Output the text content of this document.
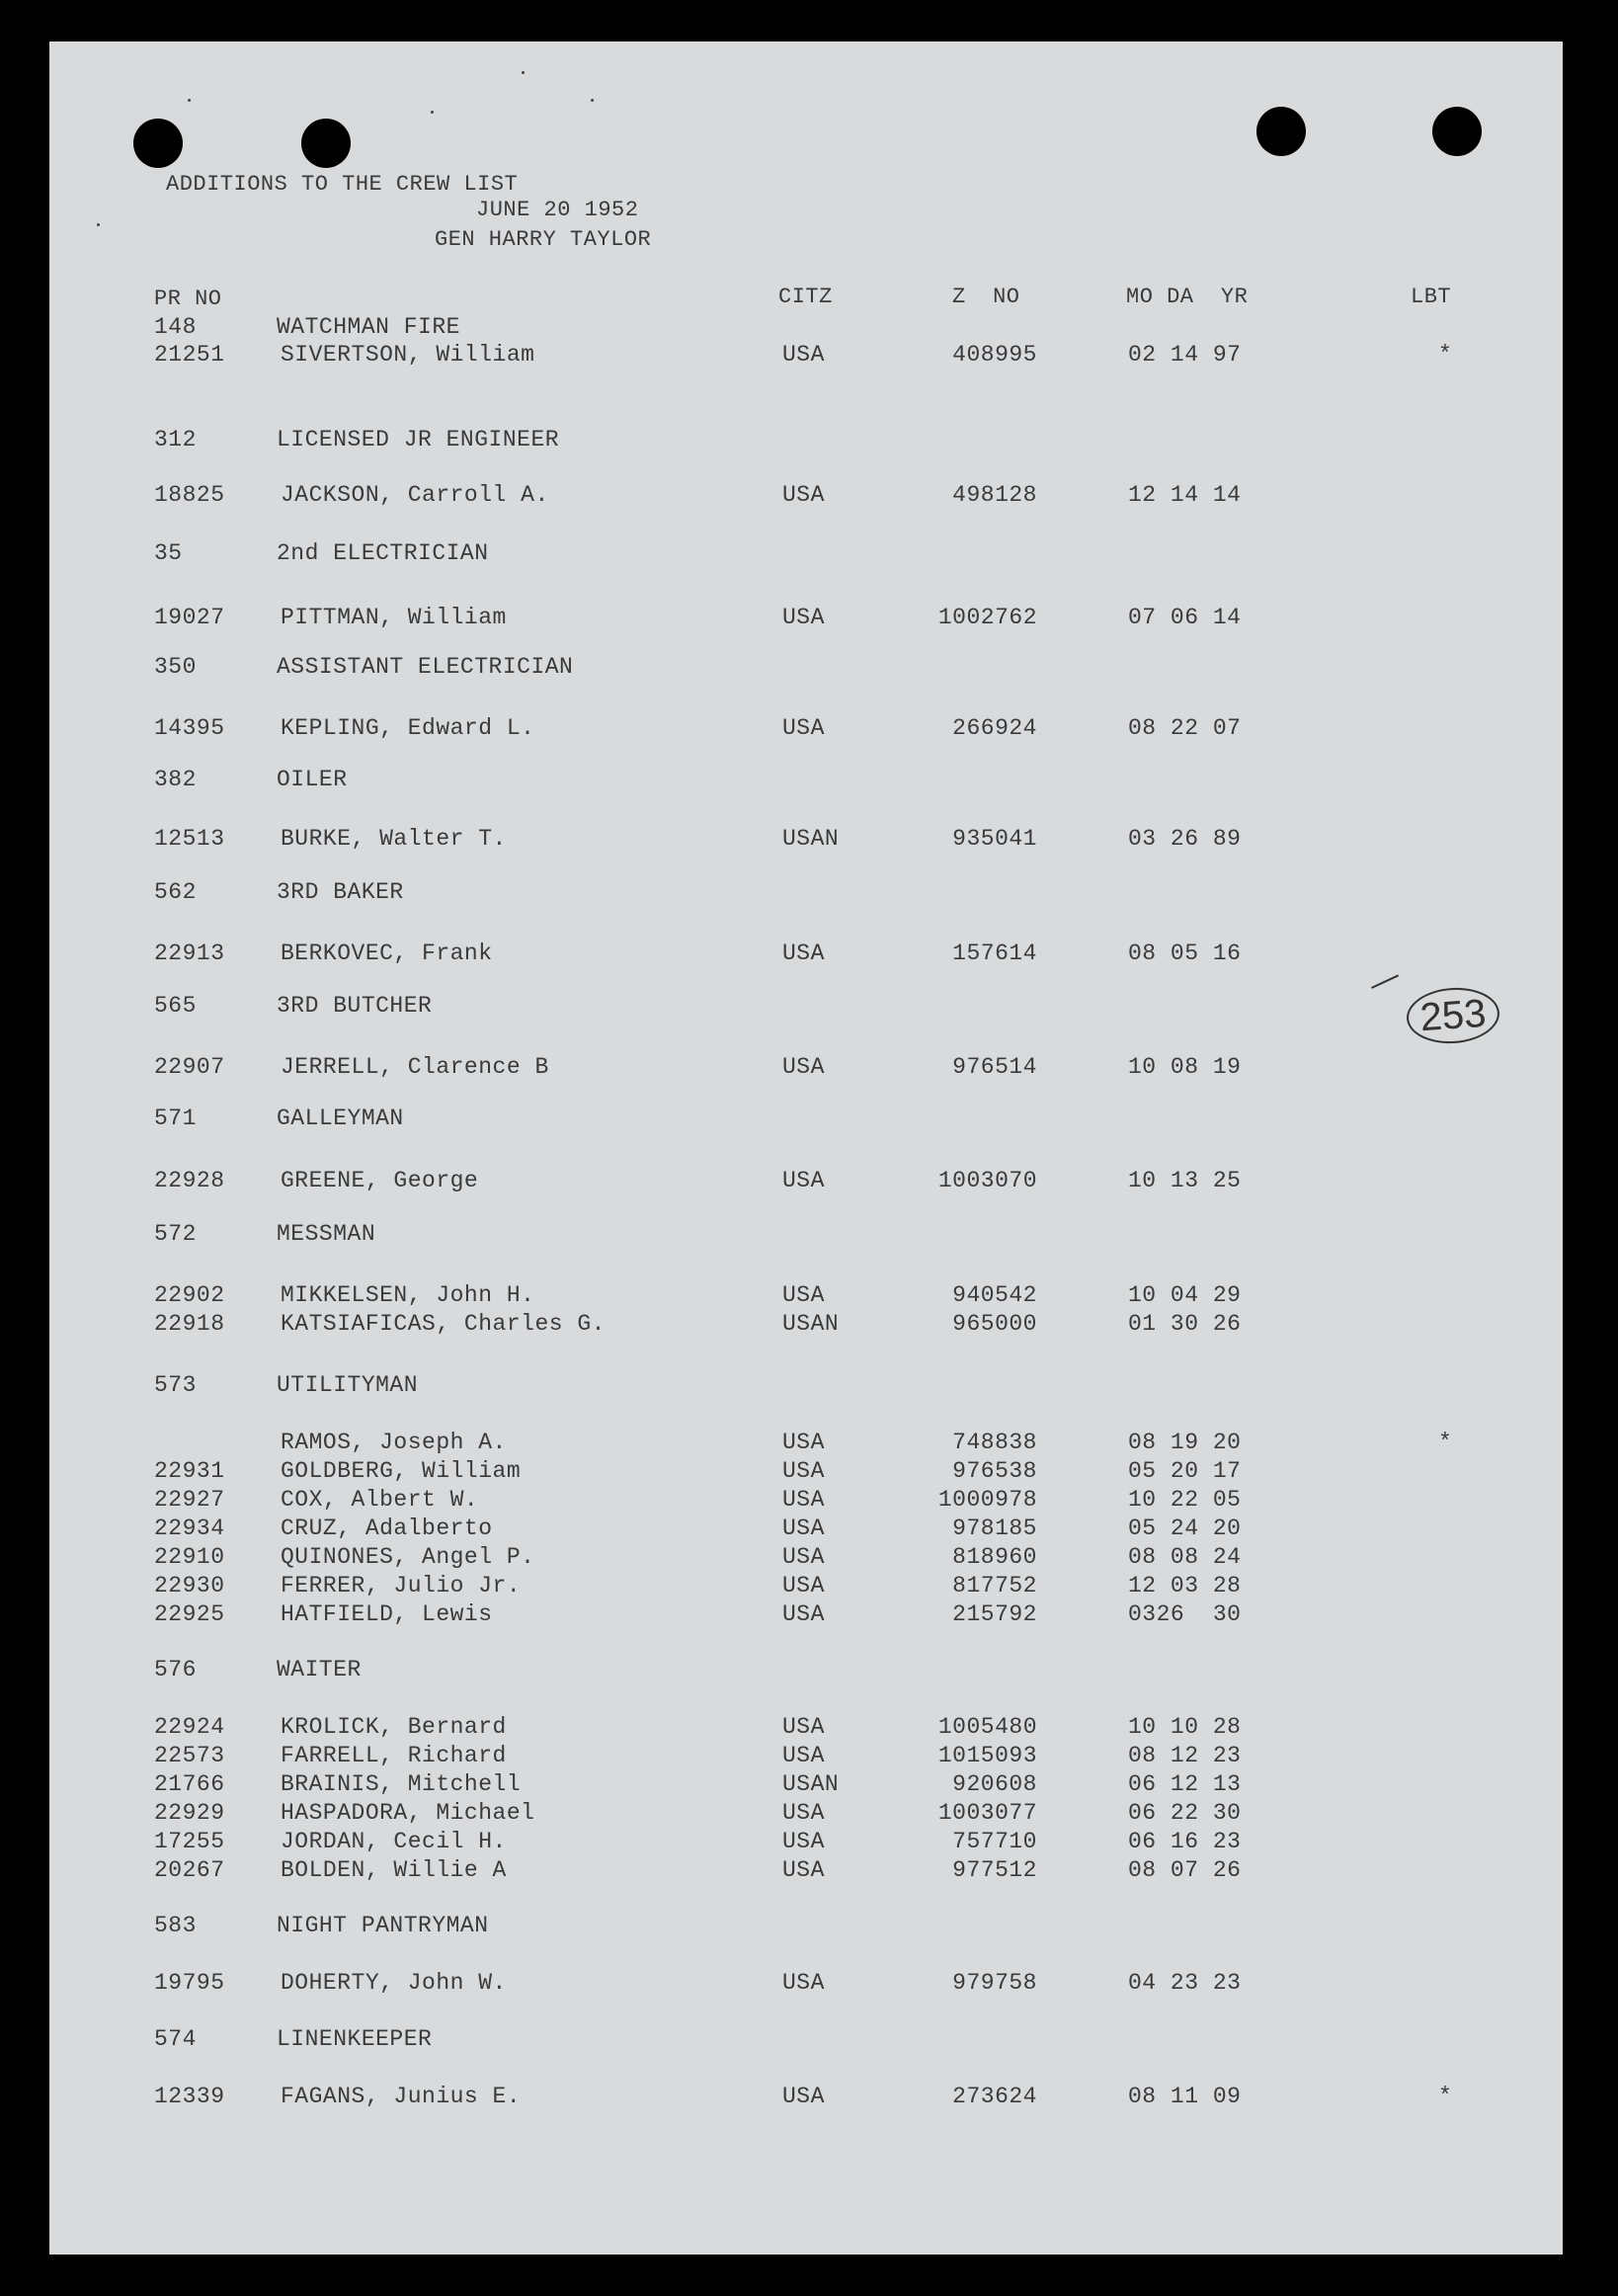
ADDITIONS TO THE CREW LIST
JUNE 20 1952
GEN HARRY TAYLOR
PR NO	CITZ	Z  NO	MO DA  YR	LBT
148	WATCHMAN FIRE
21251 SIVERTSON, William	USA	408995	02 14 97	*
312	LICENSED JR ENGINEER
18825 JACKSON, Carroll A.	USA	498128	12 14 14
35	2nd ELECTRICIAN
19027 PITTMAN, William	USA	1002762	07 06 14
350	ASSISTANT ELECTRICIAN
14395 KEPLING, Edward L.	USA	266924	08 22 07
382	OILER
12513 BURKE, Walter T.	USAN	935041	03 26 89
562	3RD BAKER
22913 BERKOVEC, Frank	USA	157614	08 05 16
565	3RD BUTCHER
22907 JERRELL, Clarence B	USA	976514	10 08 19
571	GALLEYMAN
22928 GREENE, George	USA	1003070	10 13 25
572	MESSMAN
22902 MIKKELSEN, John H.	USA	940542	10 04 29
22918 KATSIAFICAS, Charles G.	USAN	965000	01 30 26
573	UTILITYMAN
RAMOS, Joseph A.	USA	748838	08 19 20	*
22931 GOLDBERG, William	USA	976538	05 20 17
22927 COX, Albert W.	USA	1000978	10 22 05
22934 CRUZ, Adalberto	USA	978185	05 24 20
22910 QUINONES, Angel P.	USA	818960	08 08 24
22930 FERRER, Julio Jr.	USA	817752	12 03 28
22925 HATFIELD, Lewis	USA	215792	0326  30
576	WAITER
22924 KROLICK, Bernard	USA	1005480	10 10 28
22573 FARRELL, Richard	USA	1015093	08 12 23
21766 BRAINIS, Mitchell	USAN	920608	06 12 13
22929 HASPADORA, Michael	USA	1003077	06 22 30
17255 JORDAN, Cecil H.	USA	757710	06 16 23
20267 BOLDEN, Willie A	USA	977512	08 07 26
583	NIGHT PANTRYMAN
19795 DOHERTY, John W.	USA	979758	04 23 23
574	LINENKEEPER
12339 FAGANS, Junius E.	USA	273624	08 11 09	*
253
